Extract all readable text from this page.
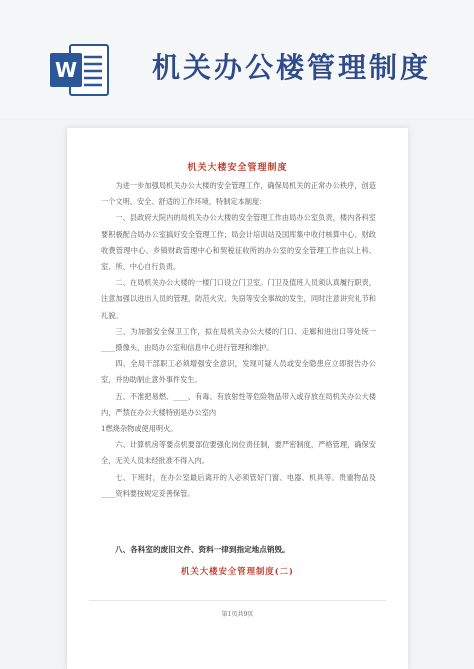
W	机关办公楼管理制度
机关大楼安全管理制度

为进一步加强局机关办公大楼的安全管理工作，确保局机关的正常办公秩序，创造一个文明、安全、舒适的工作环境，特制定本制度：

一、县政府大院内的局机关办公大楼的安全管理工作由局办公室负责，楼内各科室要积极配合局办公室搞好安全管理工作；局会计培训站及国库集中收付核算中心、财政收费管理中心、乡镇财政管理中心和契税征收所的办公室的安全管理工作由以上科、室、所、中心自行负责。

二、在局机关办公大楼的一楼门口设立门卫室。门卫及值班人员须认真履行职责，注意加强以进出人员的管理，防范火灾、失窃等安全事故的发生，同时注意讲究礼节和礼貌。

三、为加强安全保卫工作，拟在局机关办公大楼的门口、走廊和进出口等处统一____摄像头，由局办公室和信息中心进行管理和维护。

四、全局干部职工必须增强安全意识，发现可疑人员或安全隐患应立即报告办公室，并协助制止意外事件发生。

五、不准把易燃、____、有毒、有放射性等危险物品带入或存放在局机关办公大楼内，严禁在办公大楼特别是办公室内

1燃烧杂物或使用明火。

六、计算机房等要点机要部位要强化岗位责任制，要严密制度，严格管理，确保安全，无关人员未经批准不得入内。

七、下班时，在办公室最后离开的人必须管好门窗、电器、机具等。贵重物品及____资料要按规定妥善保管。

八、各科室的废旧文件、资料一律到指定地点销毁。
机关大楼安全管理制度(二)
第1页共9页
